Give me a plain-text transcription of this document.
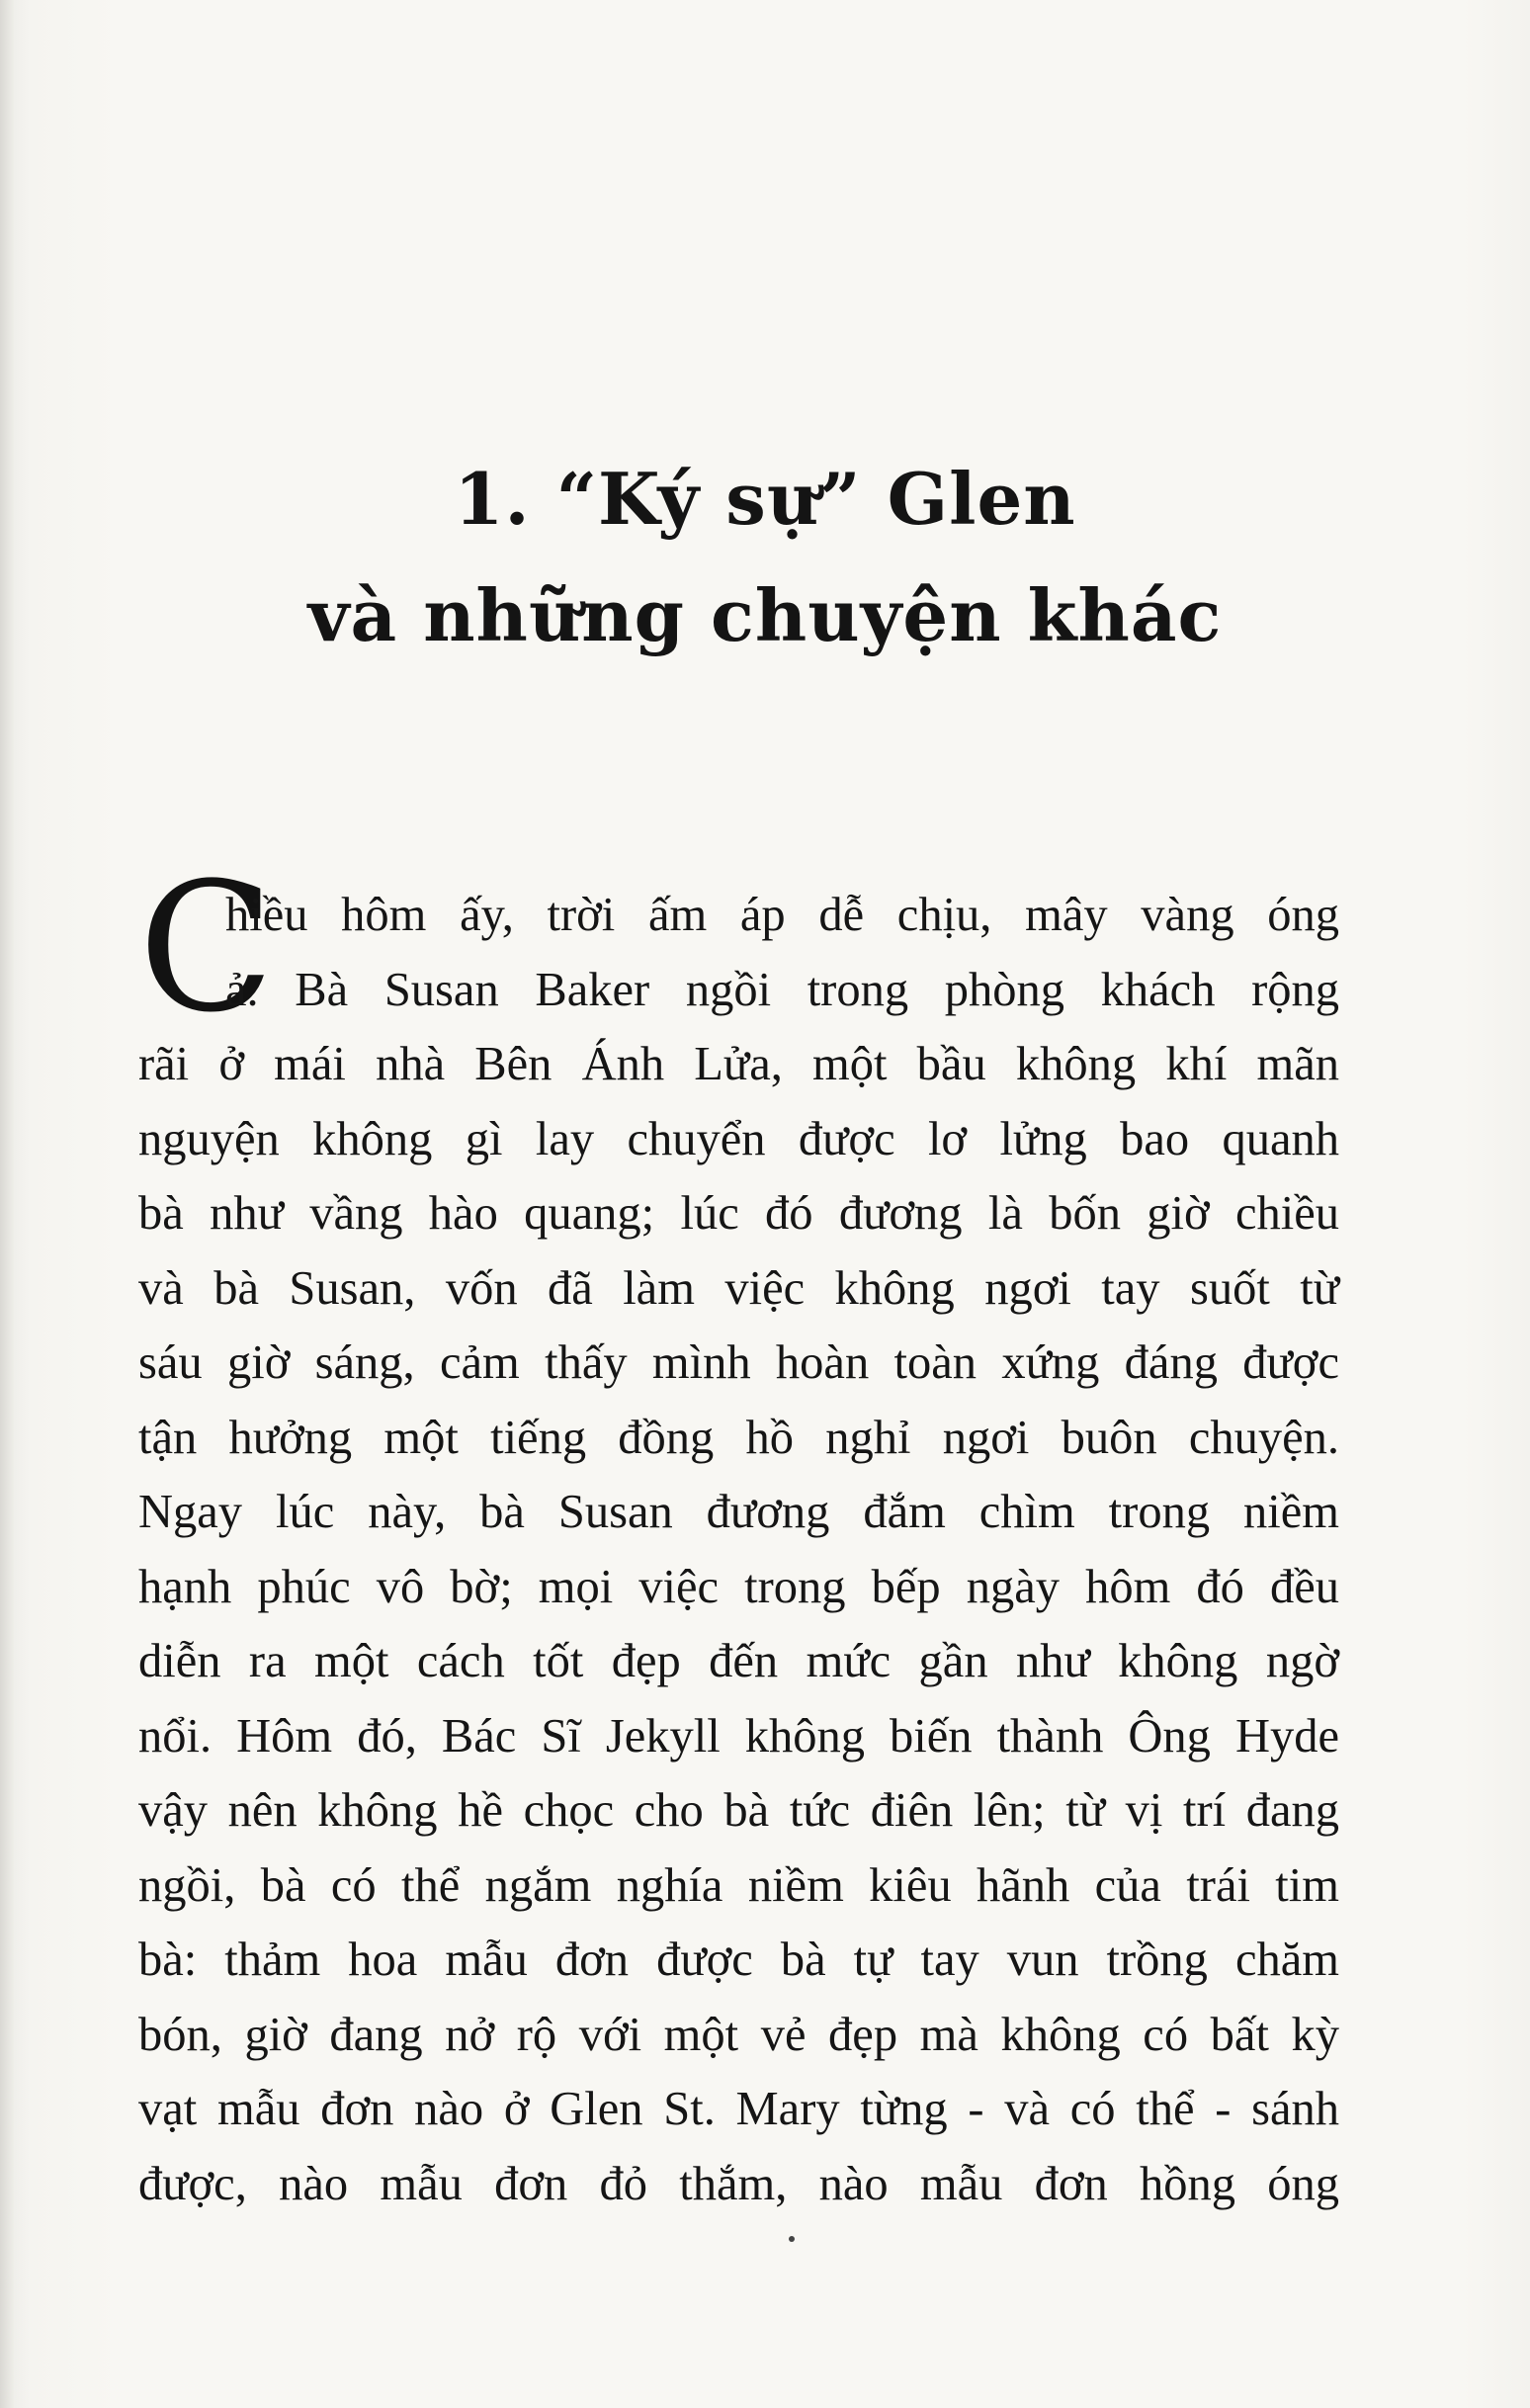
1. “Ký sự” Glen
và những chuyện khác
C
hiều hôm ấy, trời ấm áp dễ chịu, mây vàng óng
ả. Bà Susan Baker ngồi trong phòng khách rộng
rãi ở mái nhà Bên Ánh Lửa, một bầu không khí mãn
nguyện không gì lay chuyển được lơ lửng bao quanh
bà như vầng hào quang; lúc đó đương là bốn giờ chiều
và bà Susan, vốn đã làm việc không ngơi tay suốt từ
sáu giờ sáng, cảm thấy mình hoàn toàn xứng đáng được
tận hưởng một tiếng đồng hồ nghỉ ngơi buôn chuyện.
Ngay lúc này, bà Susan đương đắm chìm trong niềm
hạnh phúc vô bờ; mọi việc trong bếp ngày hôm đó đều
diễn ra một cách tốt đẹp đến mức gần như không ngờ
nổi. Hôm đó, Bác Sĩ Jekyll không biến thành Ông Hyde
vậy nên không hề chọc cho bà tức điên lên; từ vị trí đang
ngồi, bà có thể ngắm nghía niềm kiêu hãnh của trái tim
bà: thảm hoa mẫu đơn được bà tự tay vun trồng chăm
bón, giờ đang nở rộ với một vẻ đẹp mà không có bất kỳ
vạt mẫu đơn nào ở Glen St. Mary từng - và có thể - sánh
được, nào mẫu đơn đỏ thắm, nào mẫu đơn hồng óng
